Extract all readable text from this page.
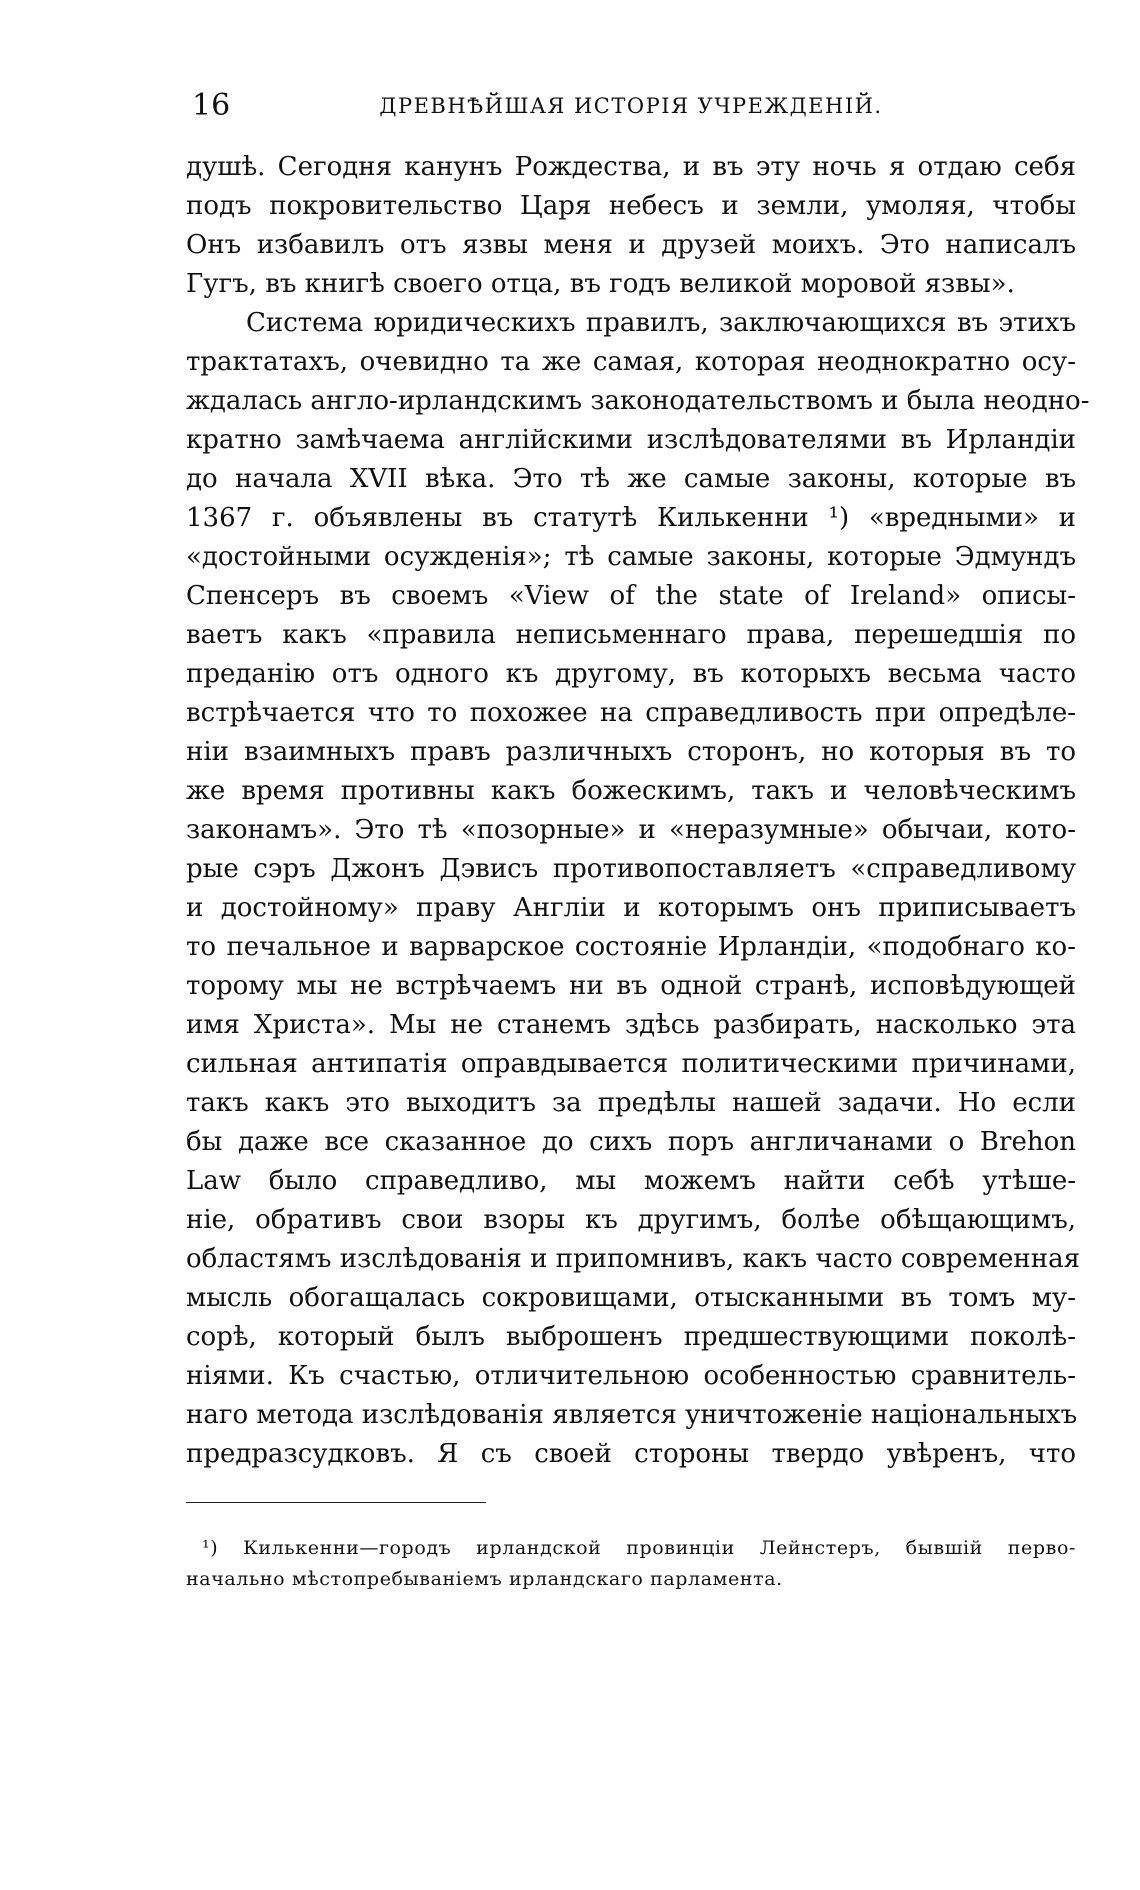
16	ДРЕВНѢЙШАЯ ИСТОРІЯ УЧРЕЖДЕНІЙ.
душѣ. Сегодня канунъ Рождества, и въ эту ночь я отдаю себя
подъ покровительство Царя небесъ и земли, умоляя, чтобы
Онъ избавилъ отъ язвы меня и друзей моихъ. Это написалъ
Гугъ, въ книгѣ своего отца, въ годъ великой моровой язвы».
Система юридическихъ правилъ, заключающихся въ этихъ
трактатахъ, очевидно та же самая, которая неоднократно осу-
ждалась англо-ирландскимъ законодательствомъ и была неодно-
кратно замѣчаема англійскими изслѣдователями въ Ирландіи
до начала XVII вѣка. Это тѣ же самые законы, которые въ
1367 г. объявлены въ статутѣ Килькенни ¹) «вредными» и
«достойными осужденія»; тѣ самые законы, которые Эдмундъ
Спенсеръ въ своемъ «View of the state of Ireland» описы-
ваетъ какъ «правила неписьменнаго права, перешедшія по
преданію отъ одного къ другому, въ которыхъ весьма часто
встрѣчается что то похожее на справедливость при опредѣле-
ніи взаимныхъ правъ различныхъ сторонъ, но которыя въ то
же время противны какъ божескимъ, такъ и человѣческимъ
законамъ». Это тѣ «позорные» и «неразумные» обычаи, кото-
рые сэръ Джонъ Дэвисъ противопоставляетъ «справедливому
и достойному» праву Англіи и которымъ онъ приписываетъ
то печальное и варварское состояніе Ирландіи, «подобнаго ко-
торому мы не встрѣчаемъ ни въ одной странѣ, исповѣдующей
имя Христа». Мы не станемъ здѣсь разбирать, насколько эта
сильная антипатія оправдывается политическими причинами,
такъ какъ это выходитъ за предѣлы нашей задачи. Но если
бы даже все сказанное до сихъ поръ англичанами о Brehon
Law было справедливо, мы можемъ найти себѣ утѣше-
ніе, обративъ свои взоры къ другимъ, болѣе обѣщающимъ,
областямъ изслѣдованія и припомнивъ, какъ часто современная
мысль обогащалась сокровищами, отысканными въ томъ му-
сорѣ, который былъ выброшенъ предшествующими поколѣ-
ніями. Къ счастью, отличительною особенностью сравнитель-
наго метода изслѣдованія является уничтоженіе національныхъ
предразсудковъ. Я съ своей стороны твердо увѣренъ, что
¹) Килькенни—городъ ирландской провинціи Лейнстеръ, бывшій перво-
начально мѣстопребываніемъ ирландскаго парламента.
